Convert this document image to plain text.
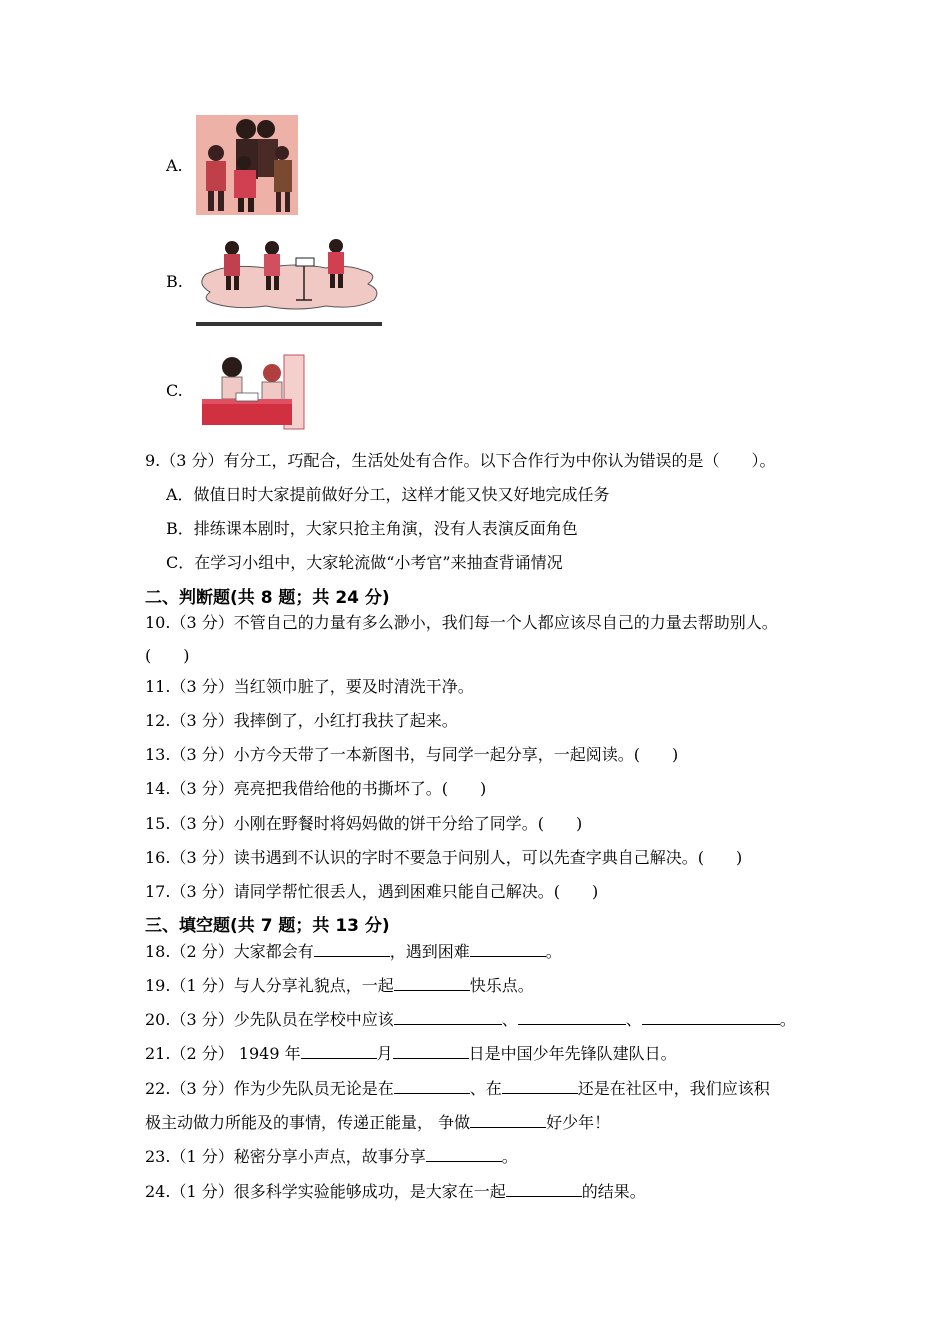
A.
B.
C.
9.（3 分）有分工，巧配合，生活处处有合作。以下合作行为中你认为错误的是（　　）。
A．做值日时大家提前做好分工，这样才能又快又好地完成任务
B．排练课本剧时，大家只抢主角演，没有人表演反面角色
C．在学习小组中，大家轮流做“小考官”来抽查背诵情况
二、判断题(共 8 题；共 24 分)
10.（3 分）不管自己的力量有多么渺小，我们每一个人都应该尽自己的力量去帮助别人。
(　　)
11.（3 分）当红领巾脏了，要及时清洗干净。
12.（3 分）我摔倒了，小红打我扶了起来。
13.（3 分）小方今天带了一本新图书，与同学一起分享，一起阅读。(　　)
14.（3 分）亮亮把我借给他的书撕坏了。(　　)
15.（3 分）小刚在野餐时将妈妈做的饼干分给了同学。(　　)
16.（3 分）读书遇到不认识的字时不要急于问别人，可以先查字典自己解决。(　　)
17.（3 分）请同学帮忙很丢人，遇到困难只能自己解决。(　　)
三、填空题(共 7 题；共 13 分)
18.（2 分）大家都会有	，遇到困难	。
19.（1 分）与人分享礼貌点，一起	快乐点。
20.（3 分）少先队员在学校中应该	、	、	。
21.（2 分） 1949 年	月	日是中国少年先锋队建队日。
22.（3 分）作为少先队员无论是在	、在	还是在社区中，我们应该积
极主动做力所能及的事情，传递正能量， 争做	好少年！
23.（1 分）秘密分享小声点，故事分享	。
24.（1 分）很多科学实验能够成功，是大家在一起	的结果。
